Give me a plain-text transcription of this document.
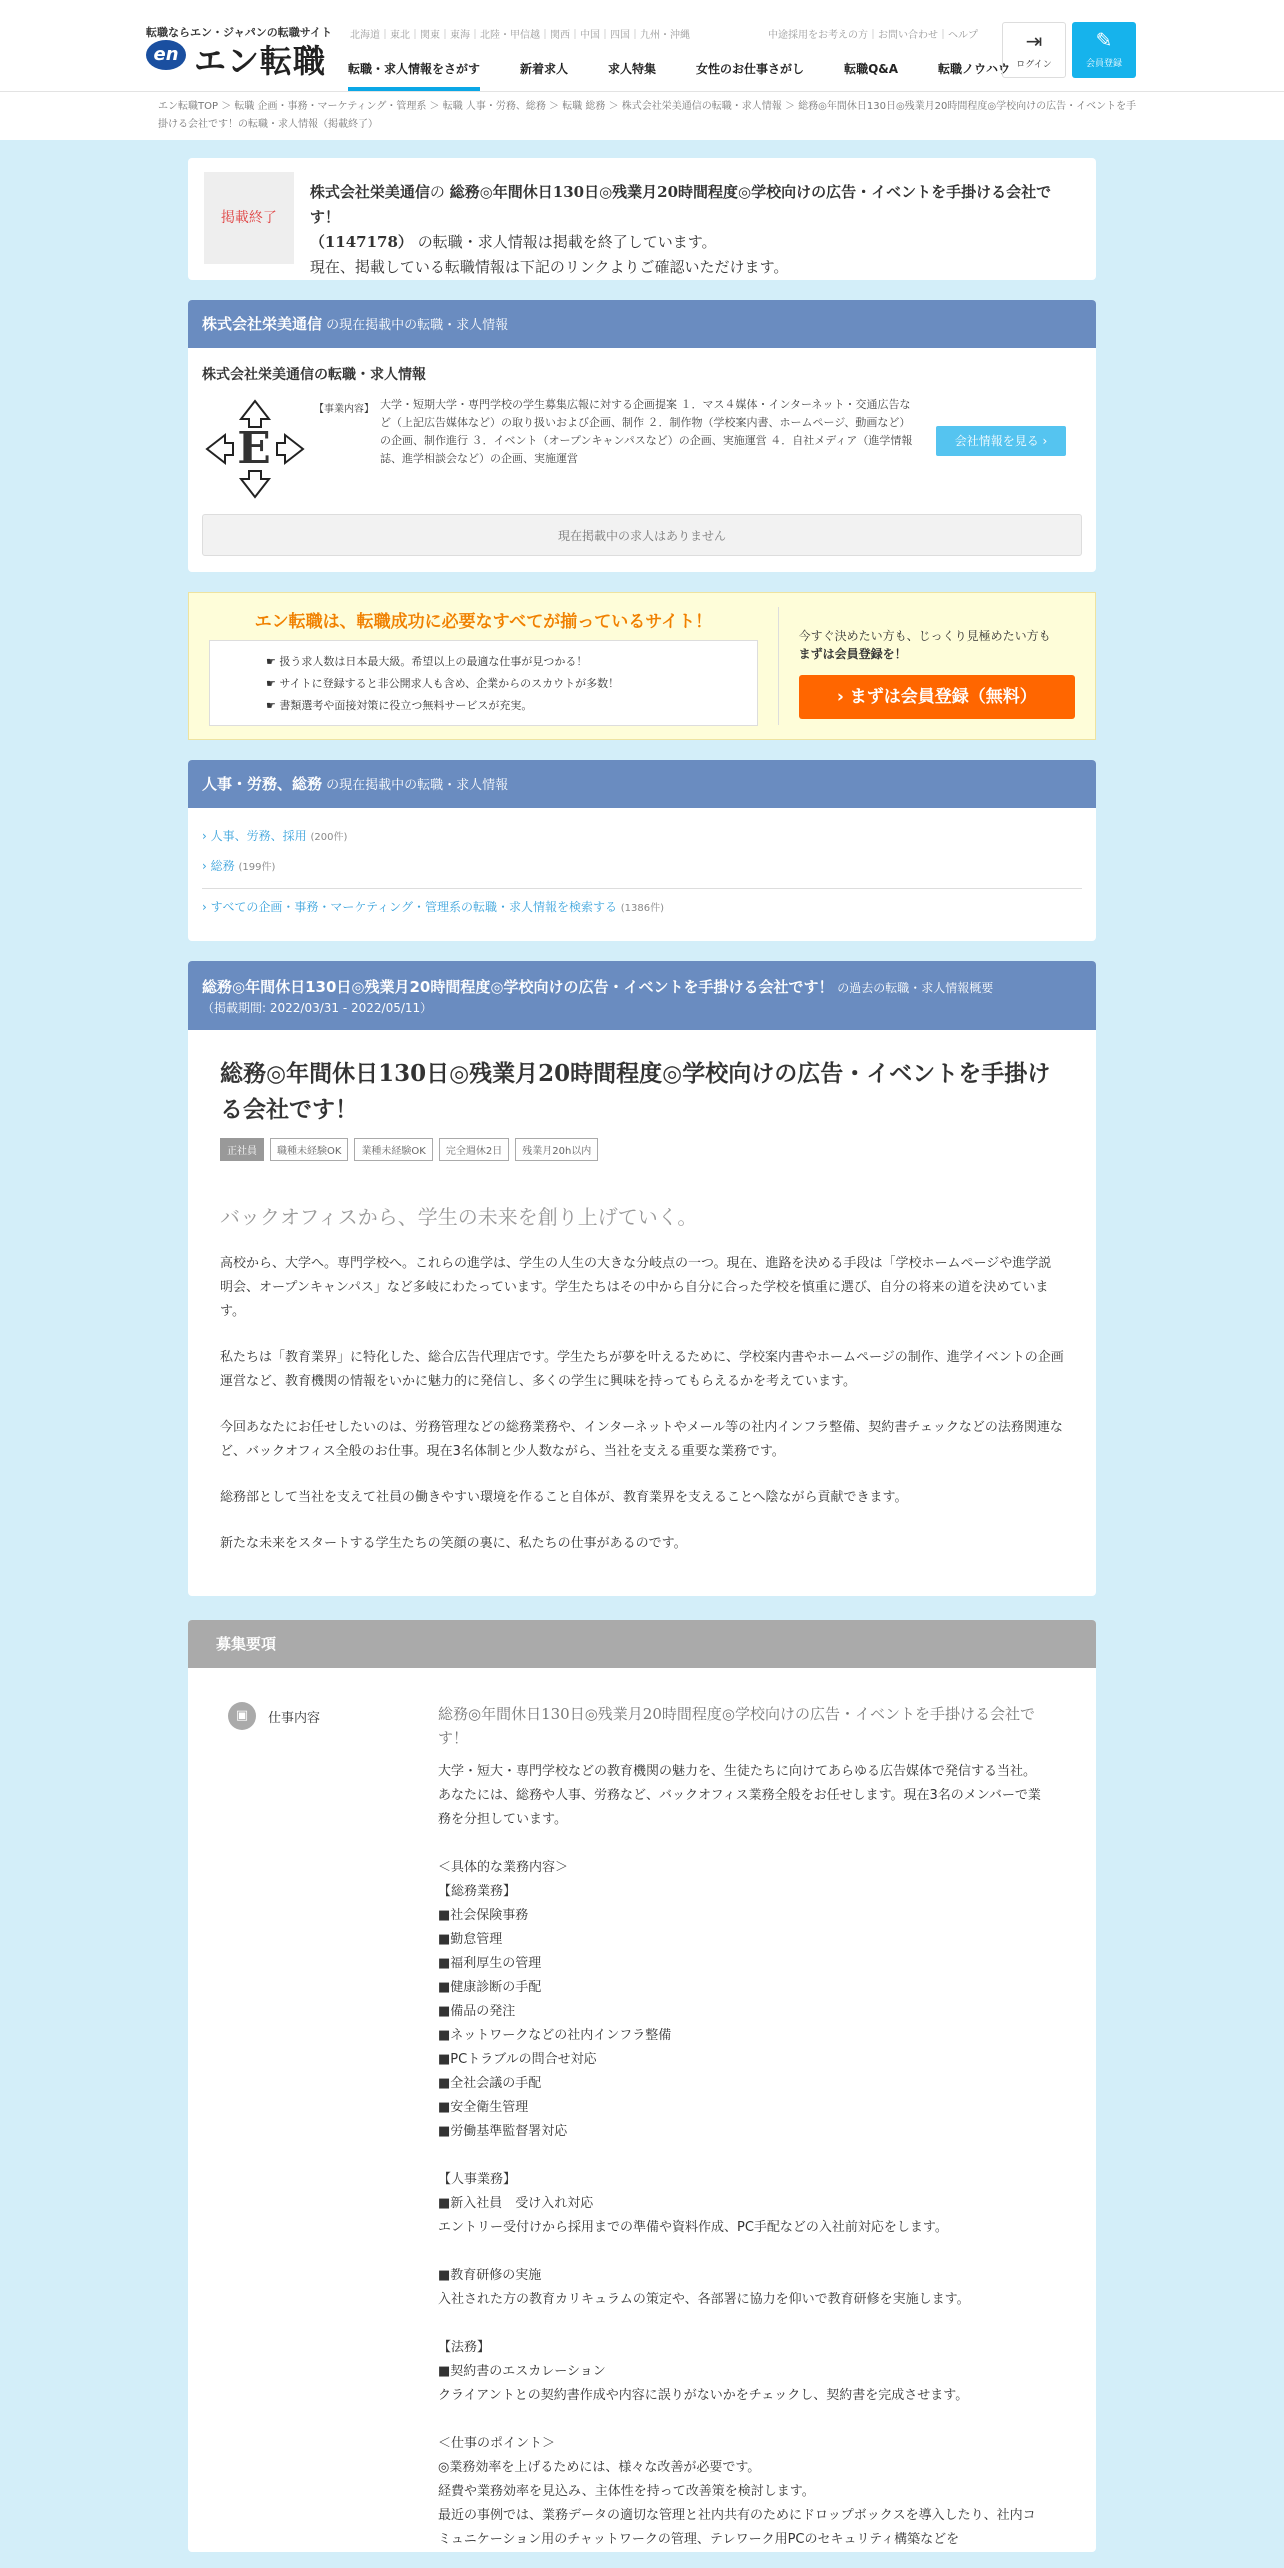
転職ならエン・ジャパンの転職サイト
en エン転職
北海道｜東北｜関東｜東海｜北陸・甲信越｜関西｜中国｜四国｜九州・沖縄	中途採用をお考えの方｜お問い合わせ｜ヘルプ
転職・求人情報をさがす	新着求人	求人特集	女性のお仕事さがし	転職Q&A	転職ノウハウ
⇥
ログイン
✎
会員登録
エン転職TOP ＞ 転職 企画・事務・マーケティング・管理系 ＞ 転職 人事・労務、総務 ＞ 転職 総務 ＞ 株式会社栄美通信の転職・求人情報 ＞ 総務◎年間休日130日◎残業月20時間程度◎学校向けの広告・イベントを手掛ける会社です！の転職・求人情報（掲載終了）
掲載終了
株式会社栄美通信の 総務◎年間休日130日◎残業月20時間程度◎学校向けの広告・イベントを手掛ける会社です！
（1147178） の転職・求人情報は掲載を終了しています。
現在、掲載している転職情報は下記のリンクよりご確認いただけます。
株式会社栄美通信 の現在掲載中の転職・求人情報
株式会社栄美通信の転職・求人情報
E
【事業内容】 大学・短期大学・専門学校の学生募集広報に対する企画提案 １．マス４媒体・インターネット・交通広告など（上記広告媒体など）の取り扱いおよび企画、制作 ２．制作物（学校案内書、ホームページ、動画など）の企画、制作進行 ３．イベント（オープンキャンパスなど）の企画、実施運営 ４．自社メディア（進学情報誌、進学相談会など）の企画、実施運営
会社情報を見る ›
現在掲載中の求人はありません
エン転職は、転職成功に必要なすべてが揃っているサイト！
☛ 扱う求人数は日本最大級。希望以上の最適な仕事が見つかる！
☛ サイトに登録すると非公開求人も含め、企業からのスカウトが多数！
☛ 書類選考や面接対策に役立つ無料サービスが充実。

今すぐ決めたい方も、じっくり見極めたい方も

まずは会員登録を！

› まずは会員登録（無料）
人事・労務、総務 の現在掲載中の転職・求人情報
› 人事、労務、採用 (200件)
› 総務 (199件)
› すべての企画・事務・マーケティング・管理系の転職・求人情報を検索する (1386件)
総務◎年間休日130日◎残業月20時間程度◎学校向けの広告・イベントを手掛ける会社です！ の過去の転職・求人情報概要
（掲載期間: 2022/03/31 - 2022/05/11）
総務◎年間休日130日◎残業月20時間程度◎学校向けの広告・イベントを手掛ける会社です！
正社員	職種未経験OK	業種未経験OK	完全週休2日	残業月20h以内
バックオフィスから、学生の未来を創り上げていく。

高校から、大学へ。専門学校へ。これらの進学は、学生の人生の大きな分岐点の一つ。現在、進路を決める手段は「学校ホームページや進学説明会、オープンキャンパス」など多岐にわたっています。学生たちはその中から自分に合った学校を慎重に選び、自分の将来の道を決めています。

私たちは「教育業界」に特化した、総合広告代理店です。学生たちが夢を叶えるために、学校案内書やホームページの制作、進学イベントの企画運営など、教育機関の情報をいかに魅力的に発信し、多くの学生に興味を持ってもらえるかを考えています。

今回あなたにお任せしたいのは、労務管理などの総務業務や、インターネットやメール等の社内インフラ整備、契約書チェックなどの法務関連など、バックオフィス全般のお仕事。現在3名体制と少人数ながら、当社を支える重要な業務です。

総務部として当社を支えて社員の働きやすい環境を作ること自体が、教育業界を支えることへ陰ながら貢献できます。

新たな未来をスタートする学生たちの笑顔の裏に、私たちの仕事があるのです。

募集要項
▣	仕事内容	総務◎年間休日130日◎残業月20時間程度◎学校向けの広告・イベントを手掛ける会社です！
大学・短大・専門学校などの教育機関の魅力を、生徒たちに向けてあらゆる広告媒体で発信する当社。あなたには、総務や人事、労務など、バックオフィス業務全般をお任せします。現在3名のメンバーで業務を分担しています。
＜具体的な業務内容＞
【総務業務】
■社会保険事務
■勤怠管理
■福利厚生の管理
■健康診断の手配
■備品の発注
■ネットワークなどの社内インフラ整備
■PCトラブルの問合せ対応
■全社会議の手配
■安全衛生管理
■労働基準監督署対応
【人事業務】
■新入社員　受け入れ対応
エントリー受付けから採用までの準備や資料作成、PC手配などの入社前対応をします。
■教育研修の実施
入社された方の教育カリキュラムの策定や、各部署に協力を仰いで教育研修を実施します。
【法務】
■契約書のエスカレーション
クライアントとの契約書作成や内容に誤りがないかをチェックし、契約書を完成させます。
＜仕事のポイント＞
◎業務効率を上げるためには、様々な改善が必要です。
経費や業務効率を見込み、主体性を持って改善策を検討します。
最近の事例では、業務データの適切な管理と社内共有のためにドロップボックスを導入したり、社内コミュニケーション用のチャットワークの管理、テレワーク用PCのセキュリティ構築などを
